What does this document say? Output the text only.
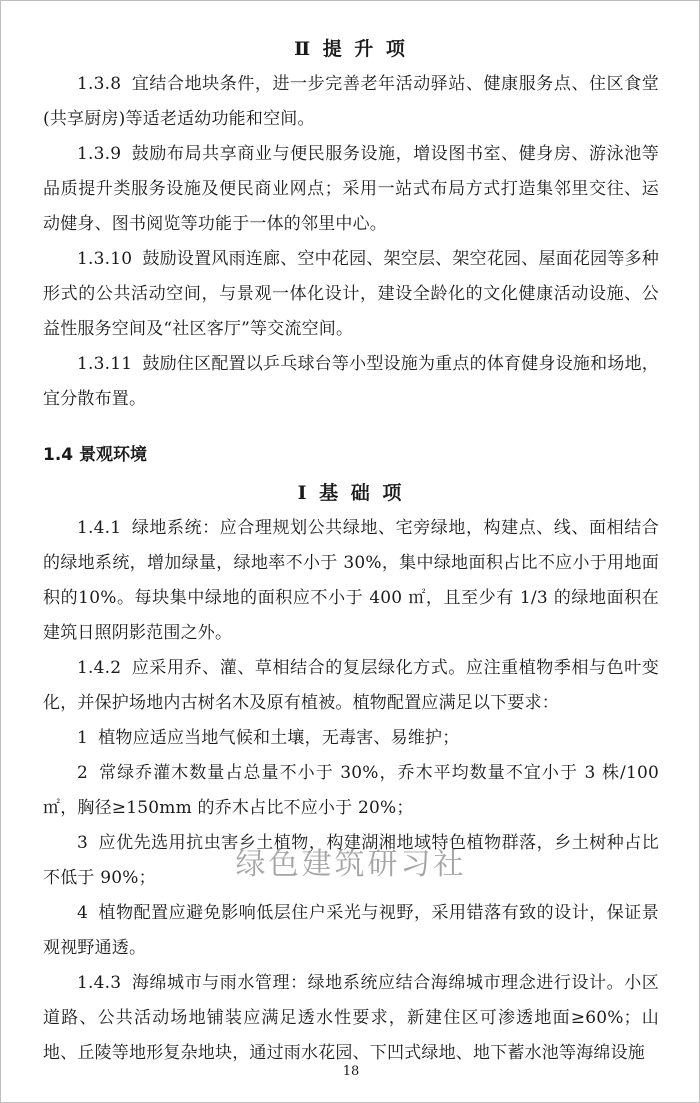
Ⅱ 提 升 项

1.3.8 宜结合地块条件，进一步完善老年活动驿站、健康服务点、住区食堂(共享厨房)等适老适幼功能和空间。

1.3.9 鼓励布局共享商业与便民服务设施，增设图书室、健身房、游泳池等品质提升类服务设施及便民商业网点；采用一站式布局方式打造集邻里交往、运动健身、图书阅览等功能于一体的邻里中心。

1.3.10 鼓励设置风雨连廊、空中花园、架空层、架空花园、屋面花园等多种形式的公共活动空间，与景观一体化设计，建设全龄化的文化健康活动设施、公益性服务空间及“社区客厅”等交流空间。

1.3.11 鼓励住区配置以乒乓球台等小型设施为重点的体育健身设施和场地，宜分散布置。

1.4 景观环境
Ⅰ 基 础 项

1.4.1 绿地系统：应合理规划公共绿地、宅旁绿地，构建点、线、面相结合的绿地系统，增加绿量，绿地率不小于 30%，集中绿地面积占比不应小于用地面积的10%。每块集中绿地的面积应不小于 400 ㎡，且至少有 1/3 的绿地面积在建筑日照阴影范围之外。

1.4.2 应采用乔、灌、草相结合的复层绿化方式。应注重植物季相与色叶变化，并保护场地内古树名木及原有植被。植物配置应满足以下要求：

1 植物应适应当地气候和土壤，无毒害、易维护；

2 常绿乔灌木数量占总量不小于 30%，乔木平均数量不宜小于 3 株/100 ㎡，胸径≥150mm 的乔木占比不应小于 20%；

3 应优先选用抗虫害乡土植物，构建湖湘地域特色植物群落，乡土树种占比不低于 90%；

4 植物配置应避免影响低层住户采光与视野，采用错落有致的设计，保证景观视野通透。

1.4.3 海绵城市与雨水管理：绿地系统应结合海绵城市理念进行设计。小区道路、公共活动场地铺装应满足透水性要求，新建住区可渗透地面≥60%；山地、丘陵等地形复杂地块，通过雨水花园、下凹式绿地、地下蓄水池等海绵设施

绿色建筑研习社
18
